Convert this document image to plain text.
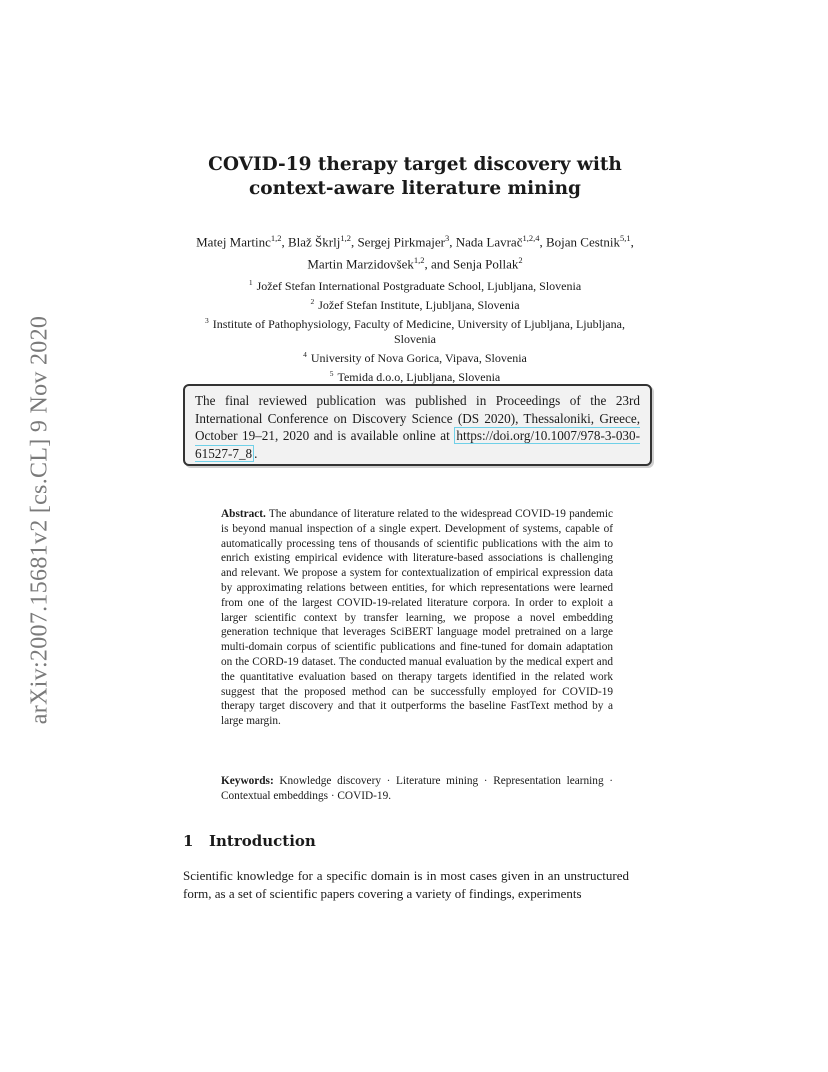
arXiv:2007.15681v2 [cs.CL] 9 Nov 2020
COVID-19 therapy target discovery with
context-aware literature mining
Matej Martinc$^{1,2}$, Blaž Škrlj$^{1,2}$, Sergej Pirkmajer$^3$, Nada Lavrač$^{1,2,4}$, Bojan Cestnik$^{5,1}$, Martin Marzidovšek$^{1,2}$, and Senja Pollak$^2$
$^1$ Jožef Stefan International Postgraduate School, Ljubljana, Slovenia
$^2$ Jožef Stefan Institute, Ljubljana, Slovenia
$^3$ Institute of Pathophysiology, Faculty of Medicine, University of Ljubljana, Ljubljana, Slovenia
$^4$ University of Nova Gorica, Vipava, Slovenia
$^5$ Temida d.o.o, Ljubljana, Slovenia
The final reviewed publication was published in Proceedings of the 23rd International Conference on Discovery Science (DS 2020), Thessaloniki, Greece, October 19–21, 2020 and is available online at https://doi.org/10.1007/978-3-030-61527-7_8 .
Abstract. The abundance of literature related to the widespread COVID-19 pandemic is beyond manual inspection of a single expert. Development of systems, capable of automatically processing tens of thousands of scientific publications with the aim to enrich existing empirical evidence with literature-based associations is challenging and relevant. We propose a system for contextualization of empirical expression data by approximating relations between entities, for which representations were learned from one of the largest COVID-19-related literature corpora. In order to exploit a larger scientific context by transfer learning, we propose a novel embedding generation technique that leverages SciBERT language model pretrained on a large multi-domain corpus of scientific publications and fine-tuned for domain adaptation on the CORD-19 dataset. The conducted manual evaluation by the medical expert and the quantitative evaluation based on therapy targets identified in the related work suggest that the proposed method can be successfully employed for COVID-19 therapy target discovery and that it outperforms the baseline FastText method by a large margin.
Keywords: Knowledge discovery · Literature mining · Representation learning · Contextual embeddings · COVID-19.
1 Introduction
Scientific knowledge for a specific domain is in most cases given in an unstructured form, as a set of scientific papers covering a variety of findings, experiments
